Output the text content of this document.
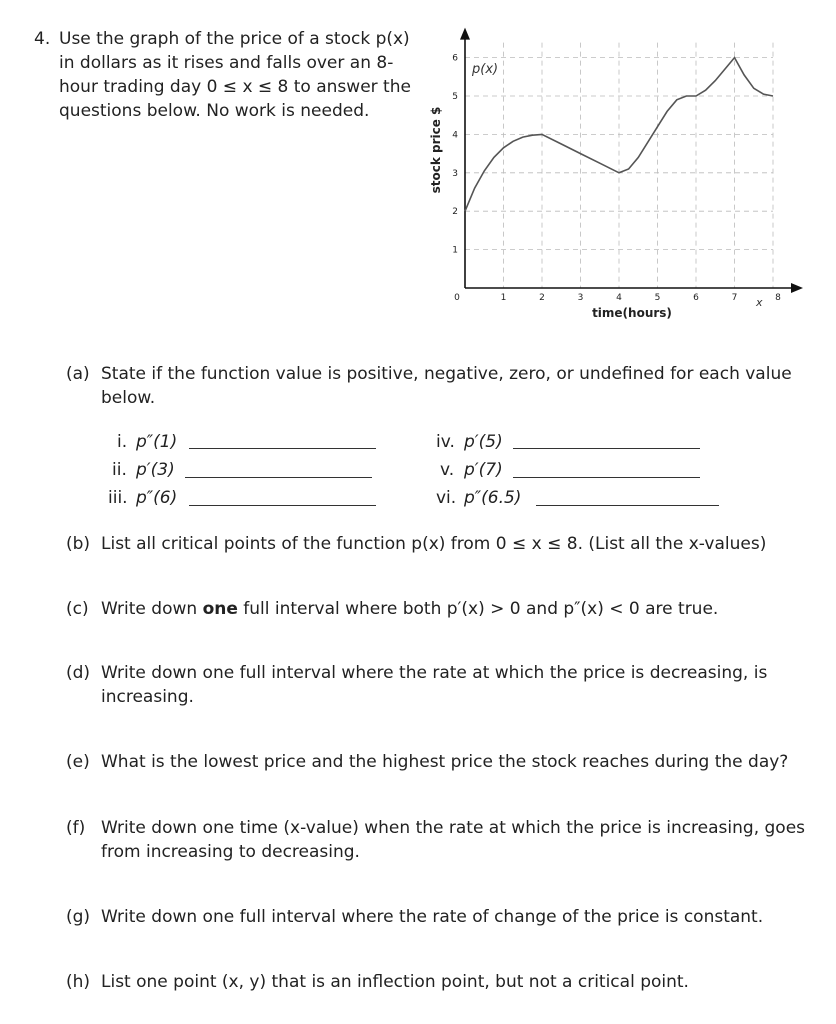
4. Use the graph of the price of a stock p(x)
in dollars as it rises and falls over an 8-
hour trading day 0 ≤ x ≤ 8 to answer the
questions below. No work is needed.
1	2	3	4	5	6	7	8
1
2
3
4
5
6
p(x)
time(hours)
stock price $
x
0
(a) State if the function value is positive, negative, zero, or undefined for each value
below.
i. p″(1)
ii. p′(3)
iii. p″(6)
iv. p′(5)
v. p′(7)
vi. p″(6.5)
(b) List all critical points of the function p(x) from 0 ≤ x ≤ 8. (List all the x-values)
(c) Write down one full interval where both p′(x) > 0 and p″(x) < 0 are true.
(d) Write down one full interval where the rate at which the price is decreasing, is
increasing.
(e) What is the lowest price and the highest price the stock reaches during the day?
(f) Write down one time (x-value) when the rate at which the price is increasing, goes
from increasing to decreasing.
(g) Write down one full interval where the rate of change of the price is constant.
(h) List one point (x, y) that is an inflection point, but not a critical point.
